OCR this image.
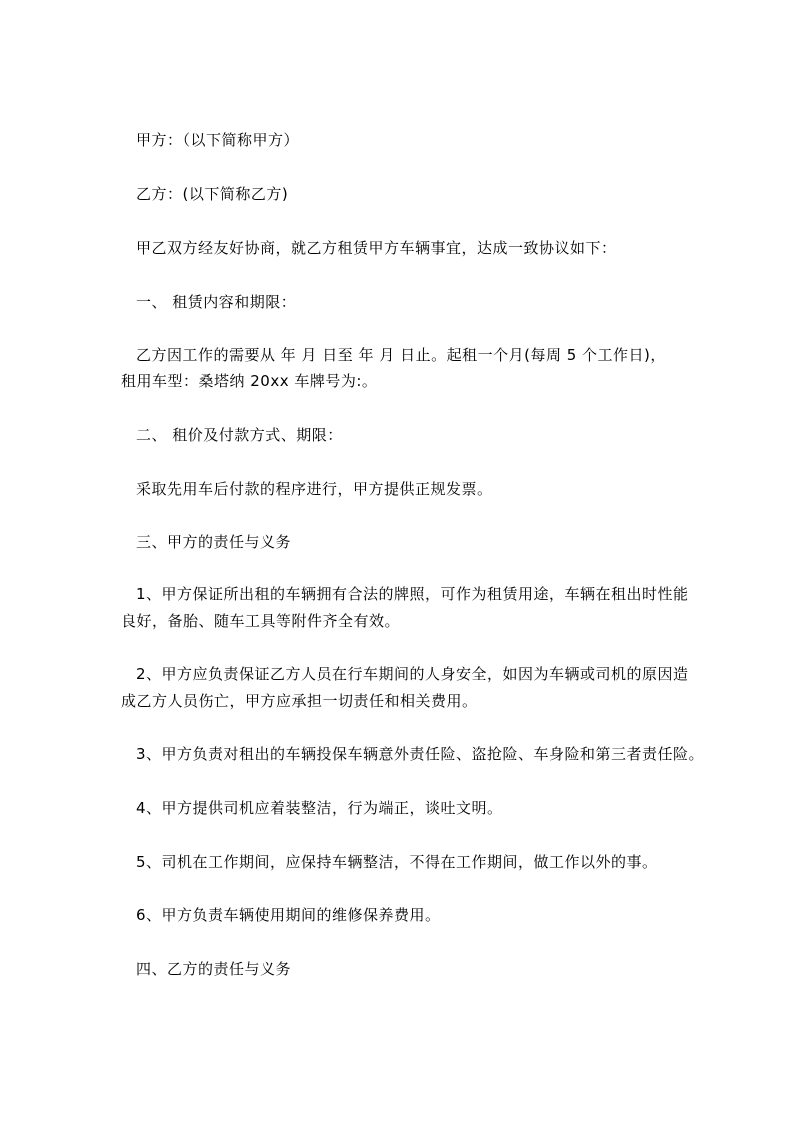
甲方：（以下简称甲方）
乙方：(以下简称乙方)
甲乙双方经友好协商，就乙方租赁甲方车辆事宜，达成一致协议如下：
一、 租赁内容和期限：
乙方因工作的需要从 年 月 日至 年 月 日止。起租一个月(每周 5 个工作日)，
租用车型：桑塔纳 20xx 车牌号为:。
二、 租价及付款方式、期限：
采取先用车后付款的程序进行，甲方提供正规发票。
三、甲方的责任与义务
1、甲方保证所出租的车辆拥有合法的牌照，可作为租赁用途，车辆在租出时性能
良好，备胎、随车工具等附件齐全有效。
2、甲方应负责保证乙方人员在行车期间的人身安全，如因为车辆或司机的原因造
成乙方人员伤亡，甲方应承担一切责任和相关费用。
3、甲方负责对租出的车辆投保车辆意外责任险、盗抢险、车身险和第三者责任险。
4、甲方提供司机应着装整洁，行为端正，谈吐文明。
5、司机在工作期间，应保持车辆整洁，不得在工作期间，做工作以外的事。
6、甲方负责车辆使用期间的维修保养费用。
四、乙方的责任与义务
